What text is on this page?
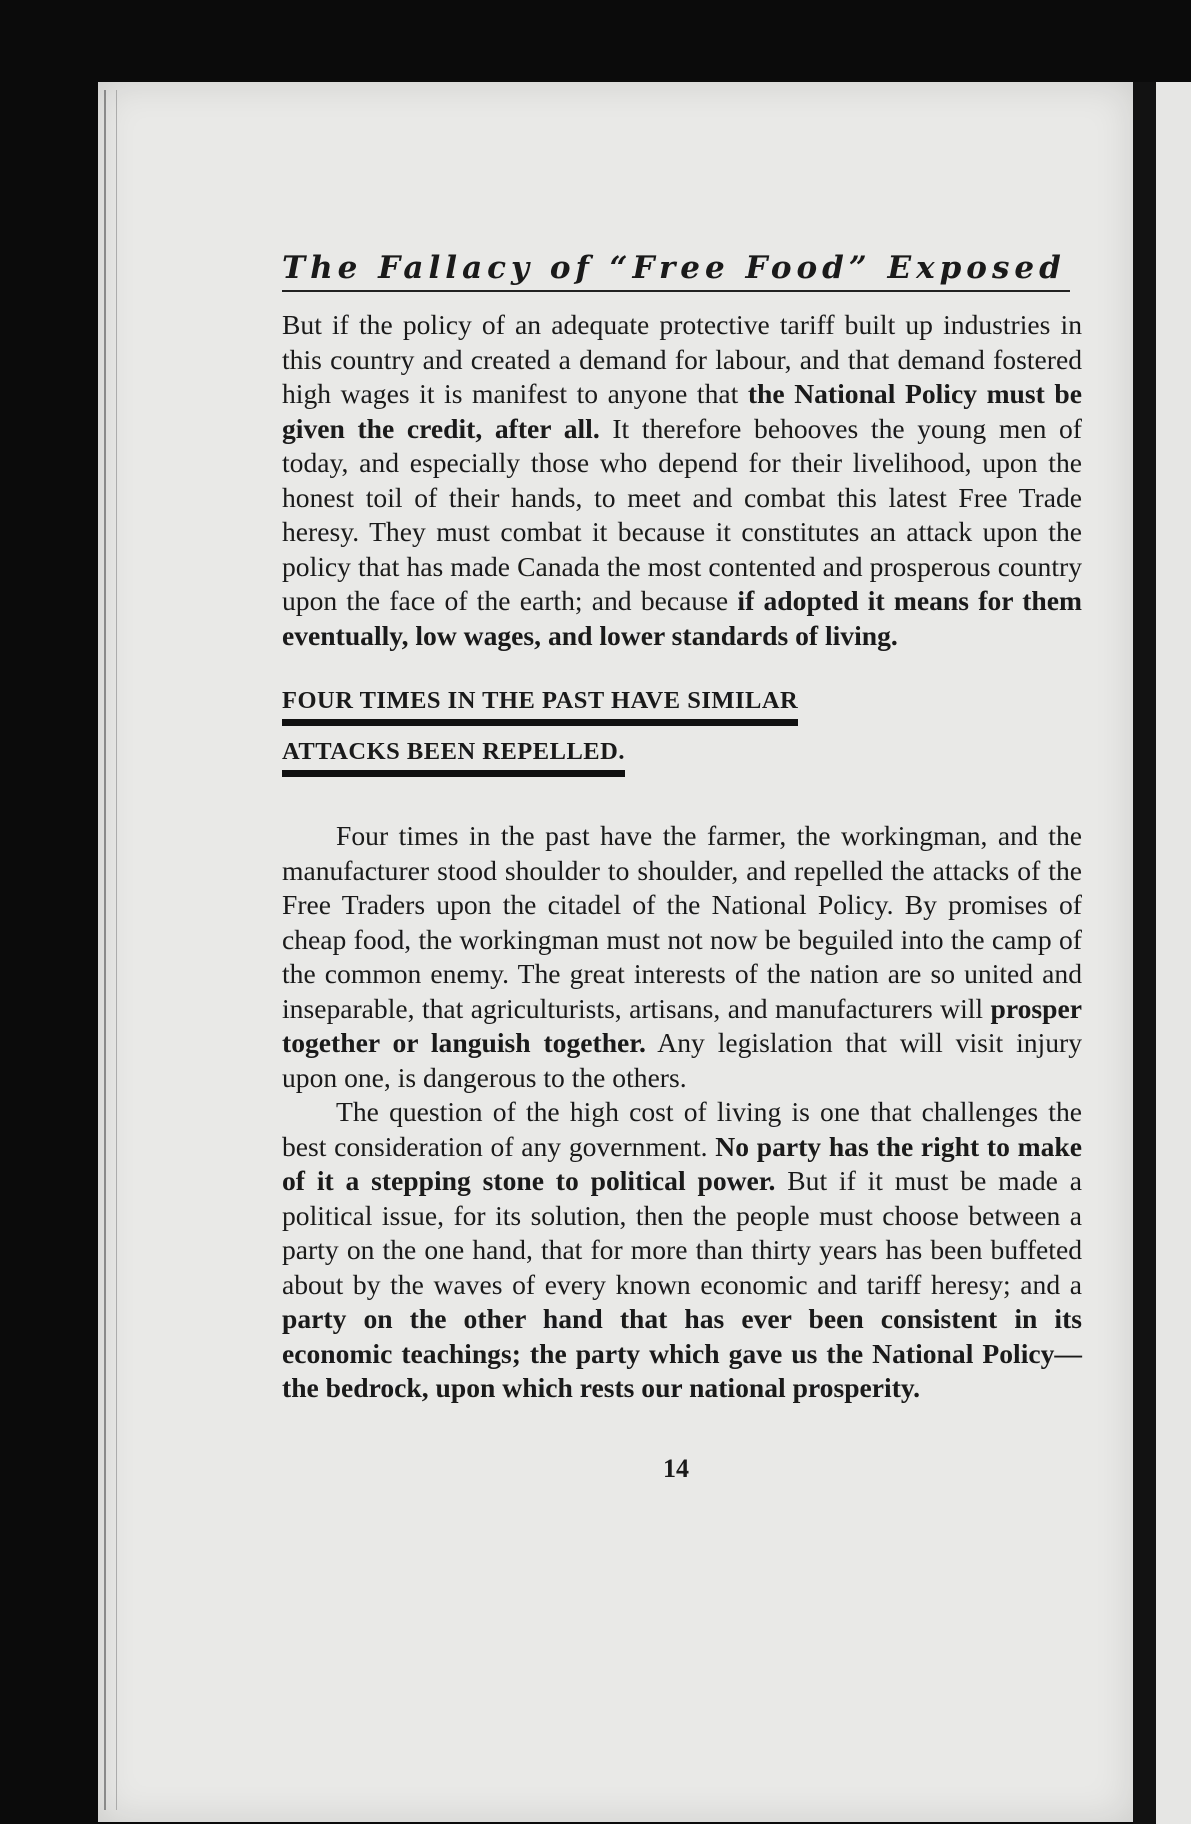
The Fallacy of “Free Food” Exposed

But if the policy of an adequate protective tariff built up industries in this country and created a demand for labour, and that demand fostered high wages it is manifest to anyone that the National Policy must be given the credit, after all. It therefore behooves the young men of today, and especially those who depend for their livelihood, upon the honest toil of their hands, to meet and combat this latest Free Trade heresy. They must combat it because it constitutes an attack upon the policy that has made Canada the most contented and prosperous country upon the face of the earth; and because if adopted it means for them eventually, low wages, and lower standards of living.

FOUR TIMES IN THE PAST HAVE SIMILAR
ATTACKS BEEN REPELLED.

Four times in the past have the farmer, the workingman, and the manufacturer stood shoulder to shoulder, and repelled the attacks of the Free Traders upon the citadel of the National Policy. By promises of cheap food, the workingman must not now be beguiled into the camp of the common enemy. The great interests of the nation are so united and inseparable, that agriculturists, artisans, and manufacturers will prosper together or languish together. Any legislation that will visit injury upon one, is dangerous to the others.

The question of the high cost of living is one that challenges the best consideration of any government. No party has the right to make of it a stepping stone to political power. But if it must be made a political issue, for its solution, then the people must choose between a party on the one hand, that for more than thirty years has been buffeted about by the waves of every known economic and tariff heresy; and a party on the other hand that has ever been consistent in its economic teachings; the party which gave us the National Policy—the bedrock, upon which rests our national prosperity.

14
